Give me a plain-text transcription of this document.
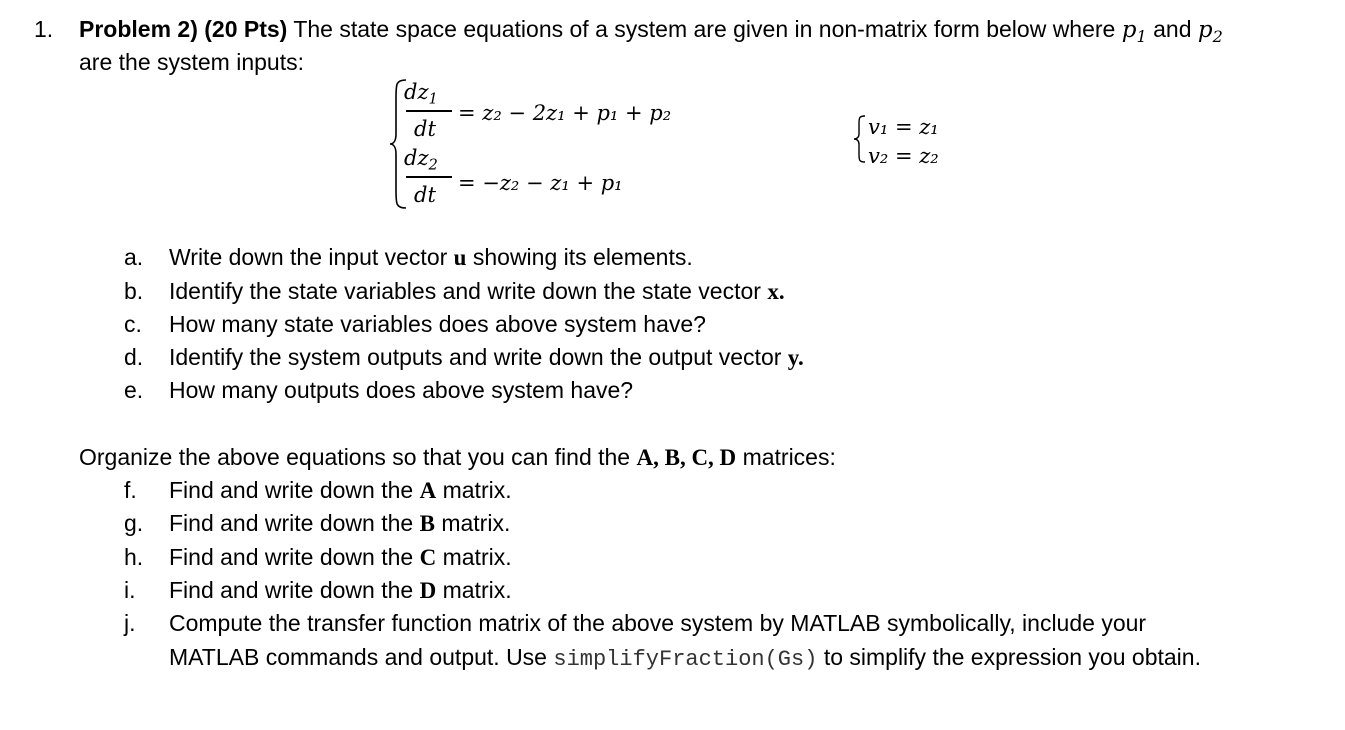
1. Problem 2) (20 Pts) The state space equations of a system are given in non-matrix form below where $p_1$ and $p_2$
are the system inputs:
$dz_1$
dt
= z₂ − 2z₁ + p₁ + p₂
$dz_2$
dt = −z₂ − z₁ + p₁
v₁ = z₁
v₂ = z₂
a. Write down the input vector u showing its elements.
b. Identify the state variables and write down the state vector x.
c. How many state variables does above system have?
d. Identify the system outputs and write down the output vector y.
e. How many outputs does above system have?
Organize the above equations so that you can find the A, B, C, D matrices:
f. Find and write down the A matrix.
g. Find and write down the B matrix.
h. Find and write down the C matrix.
i. Find and write down the D matrix.
j. Compute the transfer function matrix of the above system by MATLAB symbolically, include your
MATLAB commands and output. Use simplifyFraction(Gs) to simplify the expression you obtain.
